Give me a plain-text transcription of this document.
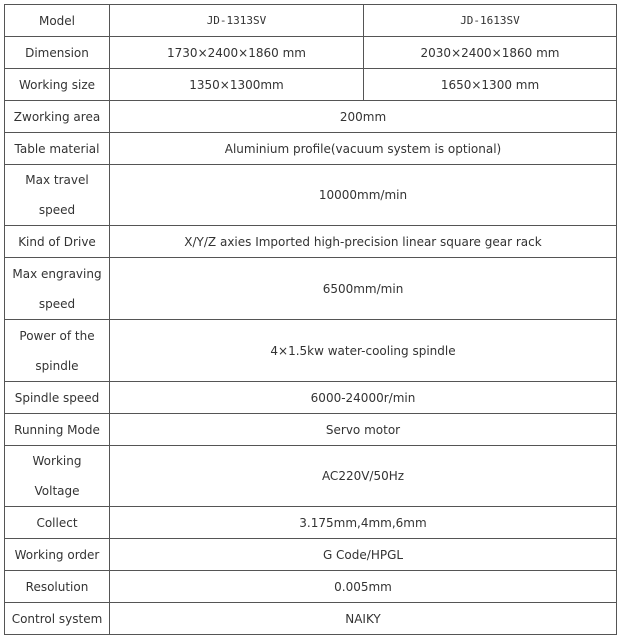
Model	JD-1313SV	JD-1613SV
Dimension	1730×2400×1860 mm	2030×2400×1860 mm
Working size	1350×1300mm	1650×1300 mm
Zworking area	200mm	
Table material	Aluminium profile(vacuum system is optional)	
Max travel speed	10000mm/min	
Kind of Drive	X/Y/Z axies Imported high-precision linear square gear rack	
Max engraving speed	6500mm/min	
Power of the spindle	4×1.5kw water-cooling spindle	
Spindle speed	6000-24000r/min	
Running Mode	Servo motor	
Working Voltage	AC220V/50Hz	
Collect	3.175mm,4mm,6mm	
Working order	G Code/HPGL	
Resolution	0.005mm	
Control system	NAIKY	
